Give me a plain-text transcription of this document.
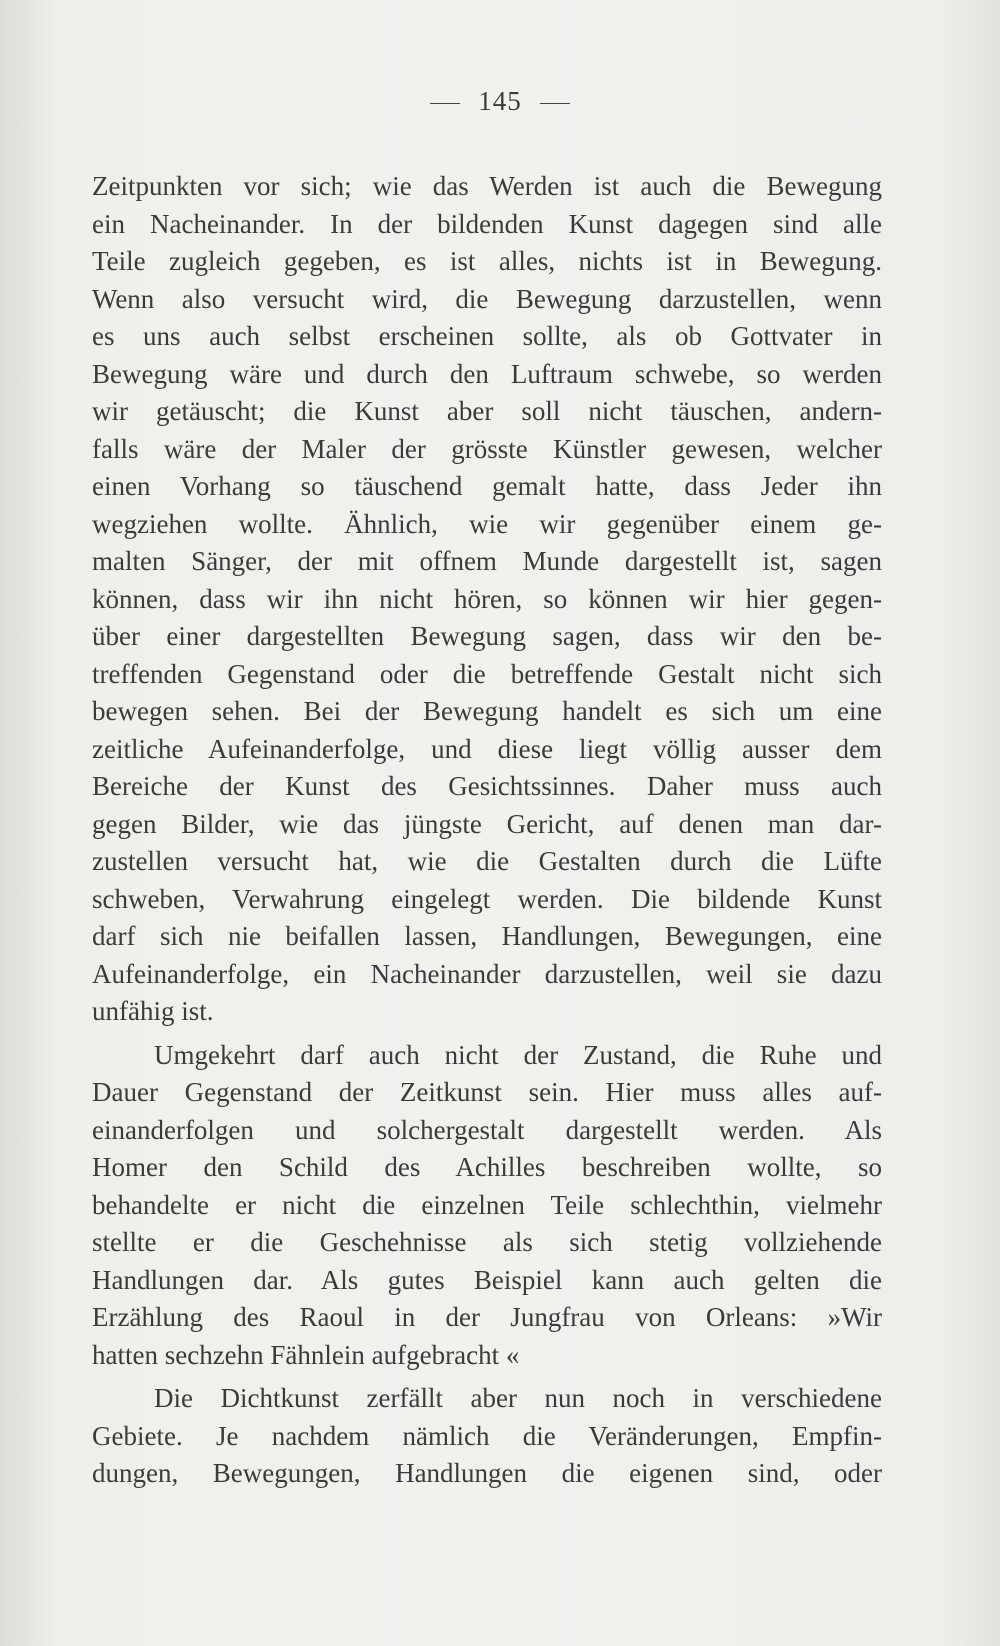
145
Zeitpunkten vor sich; wie das Werden ist auch die Bewegung
ein Nacheinander. In der bildenden Kunst dagegen sind alle
Teile zugleich gegeben, es ist alles, nichts ist in Bewegung.
Wenn also versucht wird, die Bewegung darzustellen, wenn
es uns auch selbst erscheinen sollte, als ob Gottvater in
Bewegung wäre und durch den Luftraum schwebe, so werden
wir getäuscht; die Kunst aber soll nicht täuschen, andern-
falls wäre der Maler der grösste Künstler gewesen, welcher
einen Vorhang so täuschend gemalt hatte, dass Jeder ihn
wegziehen wollte. Ähnlich, wie wir gegenüber einem ge-
malten Sänger, der mit offnem Munde dargestellt ist, sagen
können, dass wir ihn nicht hören, so können wir hier gegen-
über einer dargestellten Bewegung sagen, dass wir den be-
treffenden Gegenstand oder die betreffende Gestalt nicht sich
bewegen sehen. Bei der Bewegung handelt es sich um eine
zeitliche Aufeinanderfolge, und diese liegt völlig ausser dem
Bereiche der Kunst des Gesichtssinnes. Daher muss auch
gegen Bilder, wie das jüngste Gericht, auf denen man dar-
zustellen versucht hat, wie die Gestalten durch die Lüfte
schweben, Verwahrung eingelegt werden. Die bildende Kunst
darf sich nie beifallen lassen, Handlungen, Bewegungen, eine
Aufeinanderfolge, ein Nacheinander darzustellen, weil sie dazu
unfähig ist.
Umgekehrt darf auch nicht der Zustand, die Ruhe und
Dauer Gegenstand der Zeitkunst sein. Hier muss alles auf-
einanderfolgen und solchergestalt dargestellt werden. Als
Homer den Schild des Achilles beschreiben wollte, so
behandelte er nicht die einzelnen Teile schlechthin, vielmehr
stellte er die Geschehnisse als sich stetig vollziehende
Handlungen dar. Als gutes Beispiel kann auch gelten die
Erzählung des Raoul in der Jungfrau von Orleans: »Wir
hatten sechzehn Fähnlein aufgebracht «
Die Dichtkunst zerfällt aber nun noch in verschiedene
Gebiete. Je nachdem nämlich die Veränderungen, Empfin-
dungen, Bewegungen, Handlungen die eigenen sind, oder
